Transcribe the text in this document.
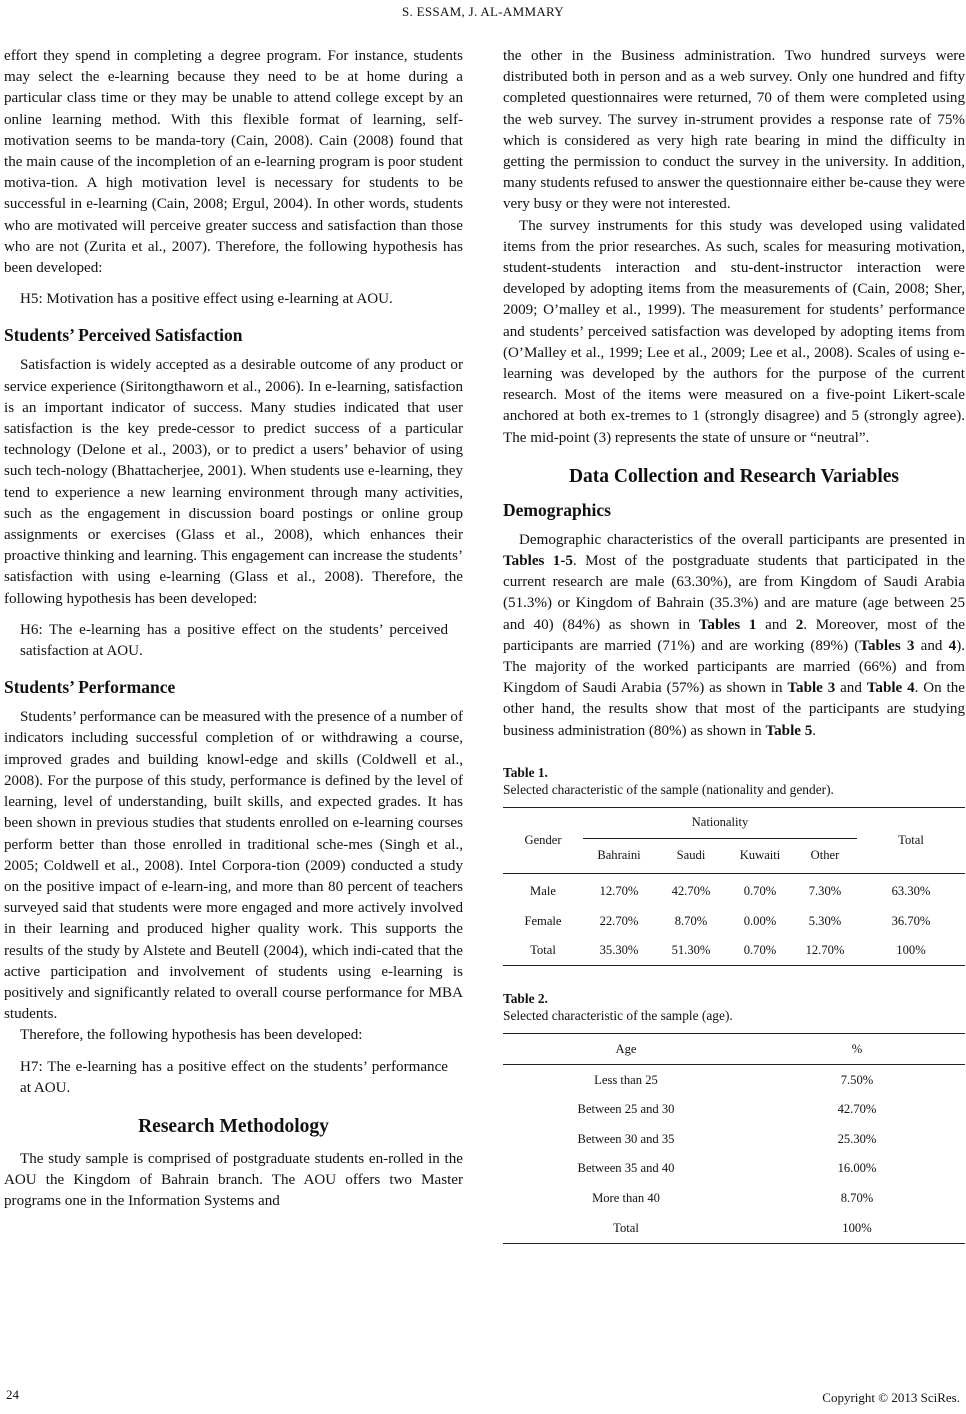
S. ESSAM, J. AL-AMMARY

effort they spend in completing a degree program. For instance, students may select the e-learning because they need to be at home during a particular class time or they may be unable to attend college except by an online learning method. With this flexible format of learning, self-motivation seems to be manda-tory (Cain, 2008). Cain (2008) found that the main cause of the incompletion of an e-learning program is poor student motiva-tion. A high motivation level is necessary for students to be successful in e-learning (Cain, 2008; Ergul, 2004). In other words, students who are motivated will perceive greater success and satisfaction than those who are not (Zurita et al., 2007). Therefore, the following hypothesis has been developed:

H5: Motivation has a positive effect using e-learning at AOU.

Students’ Perceived Satisfaction

Satisfaction is widely accepted as a desirable outcome of any product or service experience (Siritongthaworn et al., 2006). In e-learning, satisfaction is an important indicator of success. Many studies indicated that user satisfaction is the key prede-cessor to predict success of a particular technology (Delone et al., 2003), or to predict a users’ behavior of using such tech-nology (Bhattacherjee, 2001). When students use e-learning, they tend to experience a new learning environment through many activities, such as the engagement in discussion board postings or online group assignments or exercises (Glass et al., 2008), which enhances their proactive thinking and learning. This engagement can increase the students’ satisfaction with using e-learning (Glass et al., 2008). Therefore, the following hypothesis has been developed:

H6: The e-learning has a positive effect on the students’ perceived satisfaction at AOU.

Students’ Performance

Students’ performance can be measured with the presence of a number of indicators including successful completion of or withdrawing a course, improved grades and building knowl-edge and skills (Coldwell et al., 2008). For the purpose of this study, performance is defined by the level of learning, level of understanding, built skills, and expected grades. It has been shown in previous studies that students enrolled on e-learning courses perform better than those enrolled in traditional sche-mes (Singh et al., 2005; Coldwell et al., 2008). Intel Corpora-tion (2009) conducted a study on the positive impact of e-learn-ing, and more than 80 percent of teachers surveyed said that students were more engaged and more actively involved in their learning and produced higher quality work. This supports the results of the study by Alstete and Beutell (2004), which indi-cated that the active participation and involvement of students using e-learning is positively and significantly related to overall course performance for MBA students.

Therefore, the following hypothesis has been developed:

H7: The e-learning has a positive effect on the students’ performance at AOU.

Research Methodology

The study sample is comprised of postgraduate students en-rolled in the AOU the Kingdom of Bahrain branch. The AOU offers two Master programs one in the Information Systems and

the other in the Business administration. Two hundred surveys were distributed both in person and as a web survey. Only one hundred and fifty completed questionnaires were returned, 70 of them were completed using the web survey. The survey in-strument provides a response rate of 75% which is considered as very high rate bearing in mind the difficulty in getting the permission to conduct the survey in the university. In addition, many students refused to answer the questionnaire either be-cause they were very busy or they were not interested.

The survey instruments for this study was developed using validated items from the prior researches. As such, scales for measuring motivation, student-students interaction and stu-dent-instructor interaction were developed by adopting items from the measurements of (Cain, 2008; Sher, 2009; O’malley et al., 1999). The measurement for students’ performance and students’ perceived satisfaction was developed by adopting items from (O’Malley et al., 1999; Lee et al., 2009; Lee et al., 2008). Scales of using e-learning was developed by the authors for the purpose of the current research. Most of the items were measured on a five-point Likert-scale anchored at both ex-tremes to 1 (strongly disagree) and 5 (strongly agree). The mid-point (3) represents the state of unsure or “neutral”.

Data Collection and Research Variables
Demographics

Demographic characteristics of the overall participants are presented in Tables 1-5. Most of the postgraduate students that participated in the current research are male (63.30%), are from Kingdom of Saudi Arabia (51.3%) or Kingdom of Bahrain (35.3%) and are mature (age between 25 and 40) (84%) as shown in Tables 1 and 2. Moreover, most of the participants are married (71%) and are working (89%) (Tables 3 and 4). The majority of the worked participants are married (66%) and from Kingdom of Saudi Arabia (57%) as shown in Table 3 and Table 4. On the other hand, the results show that most of the participants are studying business administration (80%) as shown in Table 5.

Table 1.
Selected characteristic of the sample (nationality and gender).
Gender	Nationality				Total
	Bahraini	Saudi	Kuwaiti	Other	
Male	12.70%	42.70%	0.70%	7.30%	63.30%
Female	22.70%	8.70%	0.00%	5.30%	36.70%
Total	35.30%	51.30%	0.70%	12.70%	100%
Table 2.
Selected characteristic of the sample (age).
Age	%
Less than 25	7.50%
Between 25 and 30	42.70%
Between 30 and 35	25.30%
Between 35 and 40	16.00%
More than 40	8.70%
Total	100%
24	Copyright © 2013 SciRes.
